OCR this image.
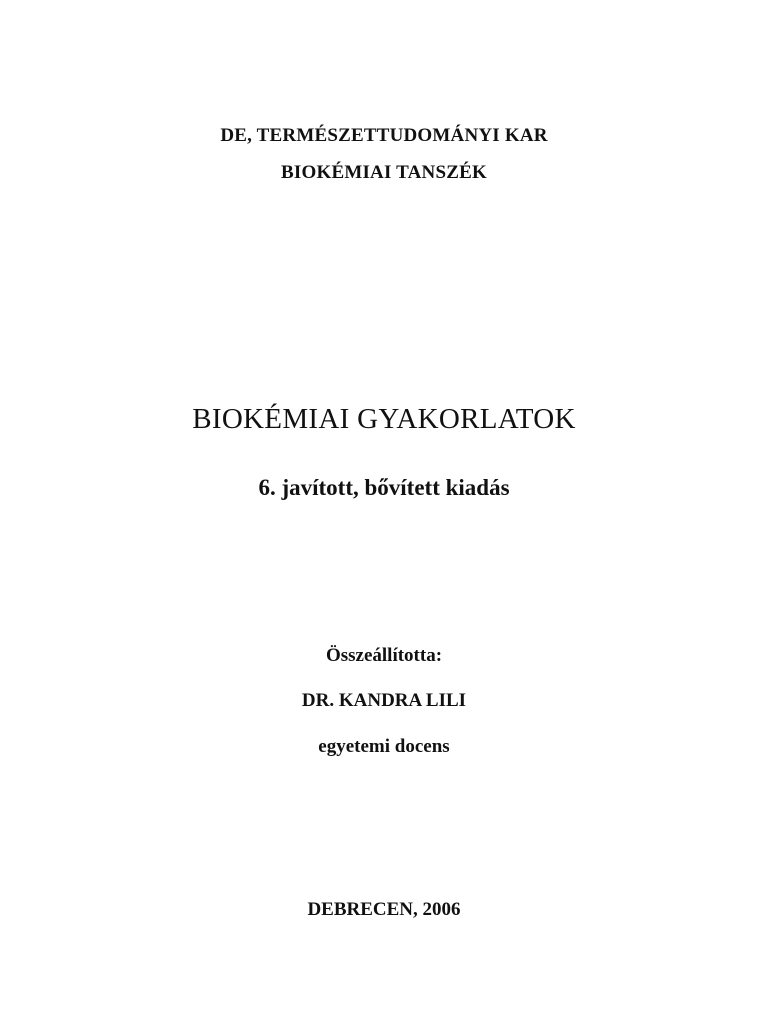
DE, TERMÉSZETTUDOMÁNYI KAR
BIOKÉMIAI TANSZÉK
BIOKÉMIAI GYAKORLATOK
6. javított, bővített kiadás
Összeállította:
DR. KANDRA LILI
egyetemi docens
DEBRECEN, 2006
